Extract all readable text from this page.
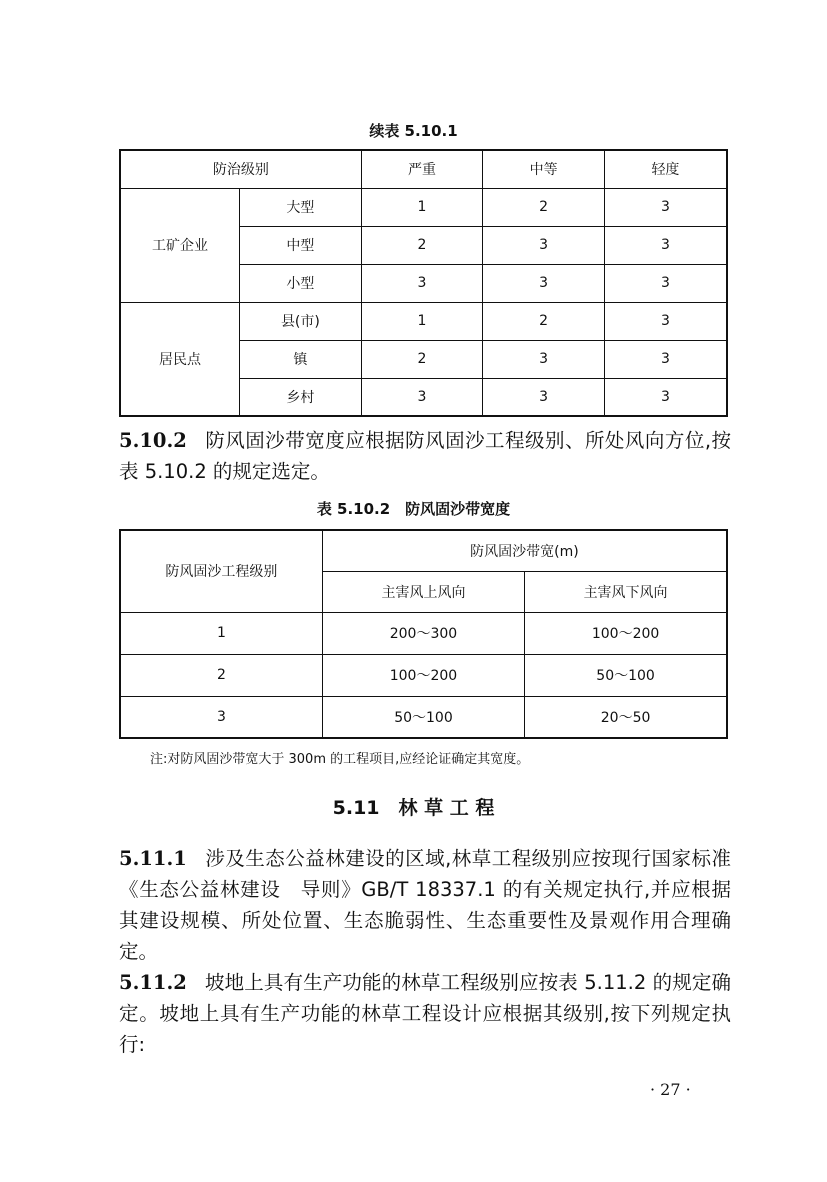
续表 5.10.1
防治级别		严重	中等	轻度
工矿企业	大型	1	2	3
	中型	2	3	3
	小型	3	3	3
居民点	县(市)	1	2	3
	镇	2	3	3
	乡村	3	3	3
5.10.2 防风固沙带宽度应根据防风固沙工程级别、所处风向方位,按表 5.10.2 的规定选定。
表 5.10.2　防风固沙带宽度
防风固沙工程级别	防风固沙带宽(m)	
	主害风上风向	主害风下风向
1	200～300	100～200
2	100～200	50～100
3	50～100	20～50
注:对防风固沙带宽大于 300m 的工程项目,应经论证确定其宽度。
5.11　林 草 工 程
5.11.1 涉及生态公益林建设的区域,林草工程级别应按现行国家标准《生态公益林建设　导则》GB/T 18337.1 的有关规定执行,并应根据其建设规模、所处位置、生态脆弱性、生态重要性及景观作用合理确定。
5.11.2 坡地上具有生产功能的林草工程级别应按表 5.11.2 的规定确定。坡地上具有生产功能的林草工程设计应根据其级别,按下列规定执行:
· 27 ·
